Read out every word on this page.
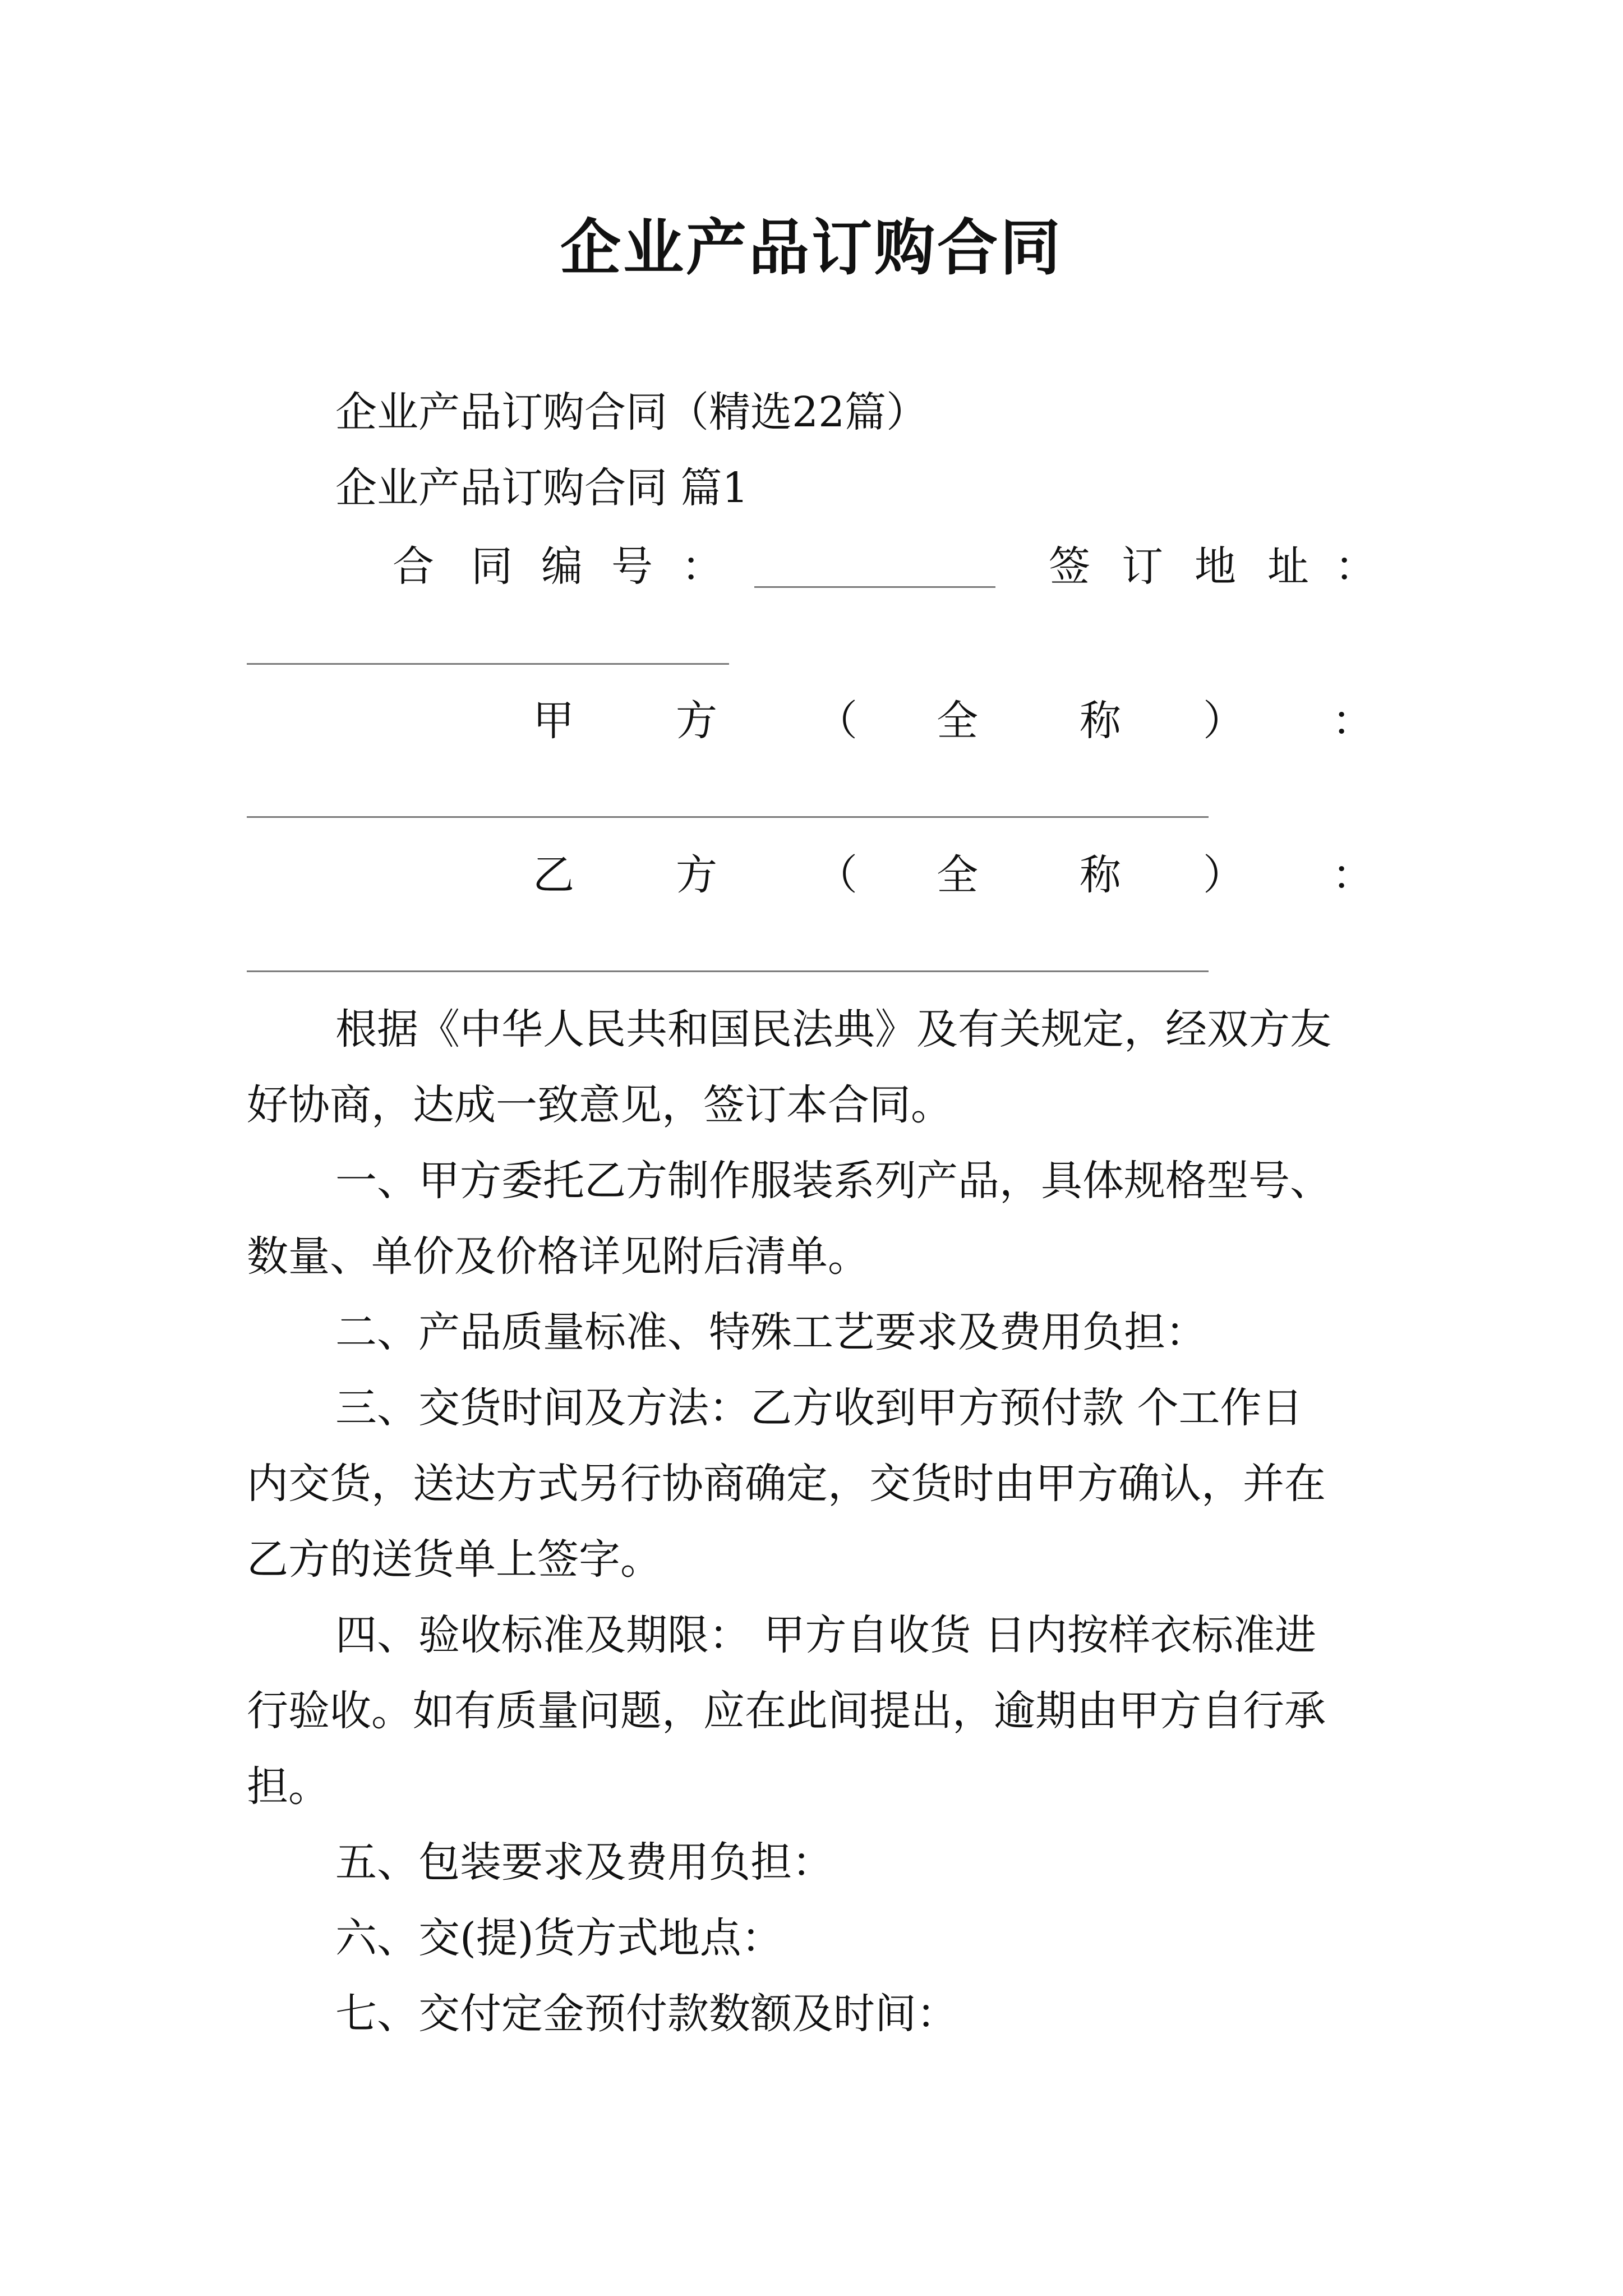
企业产品订购合同
企业产品订购合同（精选22篇）
企业产品订购合同 篇1
合 同 编 号 ：	签 订 地 址 ：
甲 方 （ 全 称 ） ：
乙 方 （ 全 称 ） ：
根据《中华人民共和国民法典》及有关规定，经双方友
好协商，达成一致意见，签订本合同。
一、甲方委托乙方制作服装系列产品，具体规格型号、
数量、单价及价格详见附后清单。
二、产品质量标准、特殊工艺要求及费用负担：
三、交货时间及方法：乙方收到甲方预付款 个工作日
内交货，送达方式另行协商确定，交货时由甲方确认，并在
乙方的送货单上签字。
四、验收标准及期限： 甲方自收货 日内按样衣标准进
行验收。如有质量问题，应在此间提出，逾期由甲方自行承
担。
五、包装要求及费用负担：
六、交(提)货方式地点：
七、交付定金预付款数额及时间：
